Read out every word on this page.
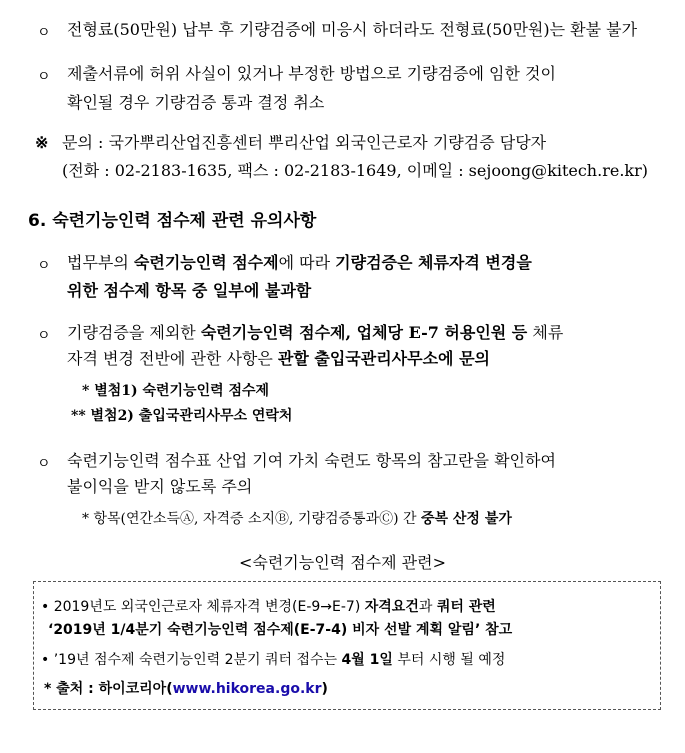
ㅇ 전형료(50만원) 납부 후 기량검증에 미응시 하더라도 전형료(50만원)는 환불 불가
ㅇ 제출서류에 허위 사실이 있거나 부정한 방법으로 기량검증에 임한 것이
확인될 경우 기량검증 통과 결정 취소
※ 문의 : 국가뿌리산업진흥센터 뿌리산업 외국인근로자 기량검증 담당자
(전화 : 02-2183-1635, 팩스 : 02-2183-1649, 이메일 : sejoong@kitech.re.kr)
6. 숙련기능인력 점수제 관련 유의사항
ㅇ 법무부의 숙련기능인력 점수제에 따라 기량검증은 체류자격 변경을
위한 점수제 항목 중 일부에 불과함
ㅇ 기량검증을 제외한 숙련기능인력 점수제, 업체당 E-7 허용인원 등 체류
자격 변경 전반에 관한 사항은 관할 출입국관리사무소에 문의
* 별첨1) 숙련기능인력 점수제
** 별첨2) 출입국관리사무소 연락처
ㅇ 숙련기능인력 점수표 산업 기여 가치 숙련도 항목의 참고란을 확인하여
불이익을 받지 않도록 주의
* 항목(연간소득Ⓐ, 자격증 소지Ⓑ, 기량검증통과Ⓒ) 간 중복 산정 불가
<숙련기능인력 점수제 관련>
• 2019년도 외국인근로자 체류자격 변경(E-9→E-7) 자격요건과 쿼터 관련
‘2019년 1/4분기 숙련기능인력 점수제(E-7-4) 비자 선발 계획 알림’ 참고
• ’19년 점수제 숙련기능인력 2분기 쿼터 접수는 4월 1일 부터 시행 될 예정
* 출처 : 하이코리아(www.hikorea.go.kr)
